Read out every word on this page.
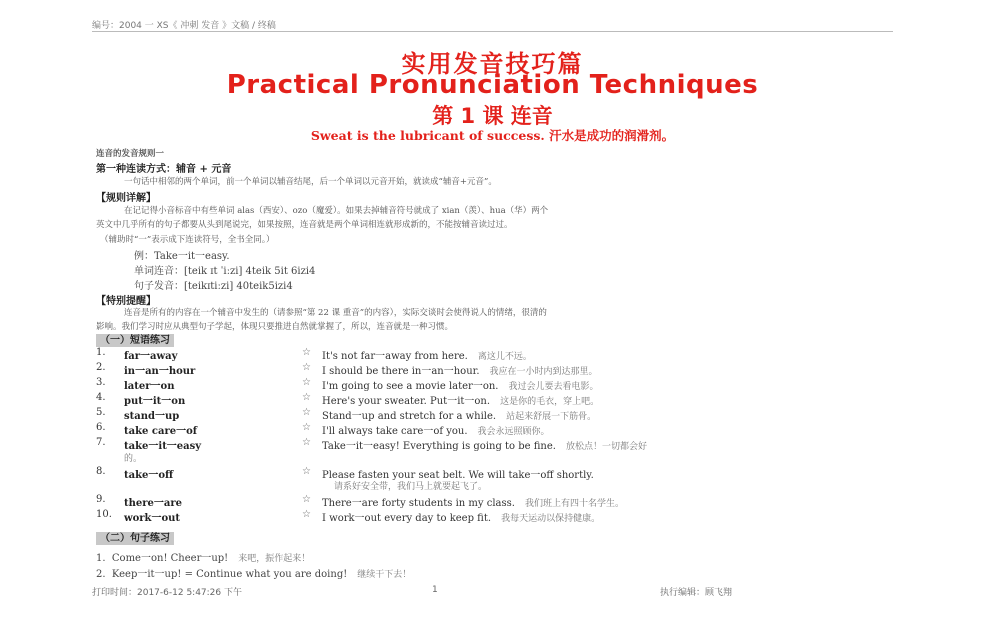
编号：2004 一 XS《 冲刺 发音 》文稿 / 终稿
实用发音技巧篇
Practical Pronunciation Techniques
第 1 课 连音
Sweat is the lubricant of success. 汗水是成功的润滑剂。
连音的发音规则一
第一种连读方式：辅音 + 元音
一句话中相邻的两个单词，前一个单词以辅音结尾，后一个单词以元音开始，就读成“辅音+元音”。
【规则详解】
在记记得小音标音中有些单词 alas（西安）、ozo（魔爱）。如果去掉辅音符号就成了 xian（羡）、hua（华）两个
英文中几乎所有的句子都要从头到尾说完，如果按照，连音就是两个单词相连就形成新的，不能按辅音读过过。
（辅助时“一”表示成下连读符号，全书全同。）
例：Take一it一easy.
单词连音：[teik ɪt ˈiːzi] 4teik 5it 6izi4
句子发音：[teikɪtiːzi] 40teik5izi4
【特别提醒】
连音是所有的内容在一个辅音中发生的（请参照“第 22 课 重音”的内容），实际交谈时会使得说人的情绪，很清的
影响。我们学习时应从典型句子学起，体现只要推进自然就掌握了，所以，连音就是一种习惯。
（一）短语练习
1. far一away	☆ It's not far一away from here. 离这儿不远。
2. in一an一hour	☆ I should be there in一an一hour. 我应在一小时内到达那里。
3. later一on	☆ I'm going to see a movie later一on. 我过会儿要去看电影。
4. put一it一on	☆ Here's your sweater. Put一it一on. 这是你的毛衣，穿上吧。
5. stand一up	☆ Stand一up and stretch for a while. 站起来舒展一下筋骨。
6. take care一of	☆ I'll always take care一of you. 我会永远照顾你。
7. take一it一easy	☆ Take一it一easy! Everything is going to be fine. 放松点！一切都会好
的。
8. take一off	☆ Please fasten your seat belt. We will take一off shortly.
请系好安全带，我们马上就要起飞了。
9. there一are	☆ There一are forty students in my class. 我们班上有四十名学生。
10. work一out	☆ I work一out every day to keep fit. 我每天运动以保持健康。
（二）句子练习
1. Come一on! Cheer一up! 来吧，振作起来！
2. Keep一it一up! = Continue what you are doing! 继续干下去！
打印时间：2017-6-12 5:47:26 下午	1	执行编辑：顾飞翔
